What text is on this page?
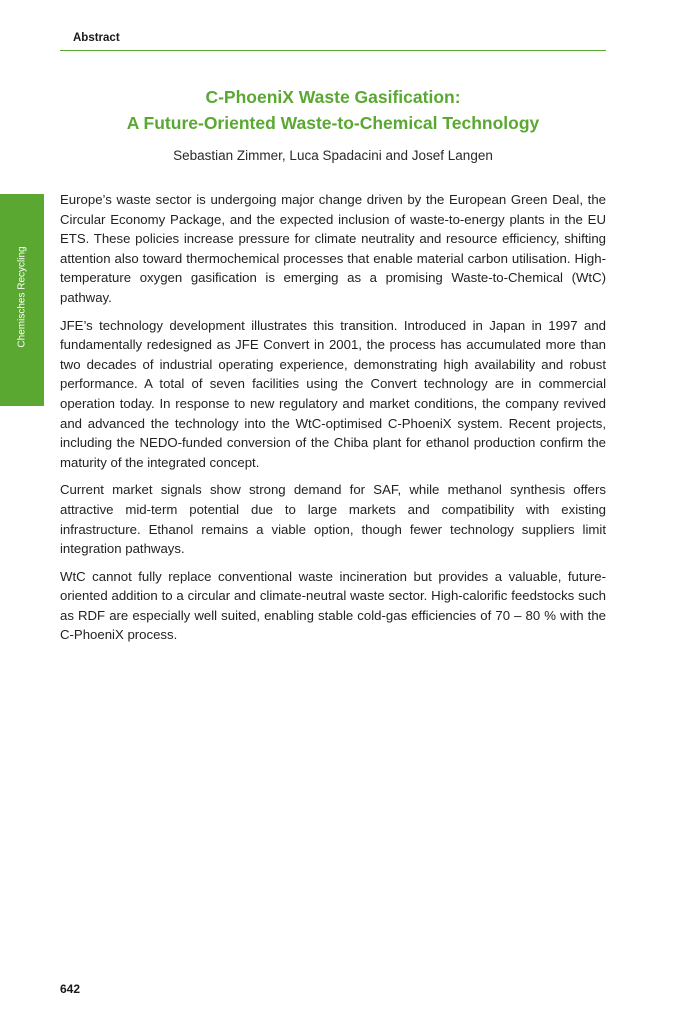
Abstract
C-PhoeniX Waste Gasification:
A Future-Oriented Waste-to-Chemical Technology
Sebastian Zimmer, Luca Spadacini and Josef Langen
Chemisches Recycling

Europe’s waste sector is undergoing major change driven by the European Green Deal, the Circular Economy Package, and the expected inclusion of waste-to-energy plants in the EU ETS. These policies increase pressure for climate neutrality and resource efficiency, shifting attention also toward thermochemical processes that enable material carbon utilisation. High-temperature oxygen gasification is emerging as a promising Waste-to-Chemical (WtC) pathway.

JFE’s technology development illustrates this transition. Introduced in Japan in 1997 and fundamentally redesigned as JFE Convert in 2001, the process has accumulated more than two decades of industrial operating experience, demonstrating high availability and robust performance. A total of seven facilities using the Convert technology are in commercial operation today. In response to new regulatory and market conditions, the company revived and advanced the technology into the WtC-optimised C-PhoeniX system. Recent projects, including the NEDO-funded conversion of the Chiba plant for ethanol production confirm the maturity of the integrated concept.

Current market signals show strong demand for SAF, while methanol synthesis offers attractive mid-term potential due to large markets and compatibility with existing infrastructure. Ethanol remains a viable option, though fewer technology suppliers limit integration pathways.

WtC cannot fully replace conventional waste incineration but provides a valuable, future-oriented addition to a circular and climate-neutral waste sector. High-calorific feedstocks such as RDF are especially well suited, enabling stable cold-gas efficiencies of 70 – 80 % with the C-PhoeniX process.

642
